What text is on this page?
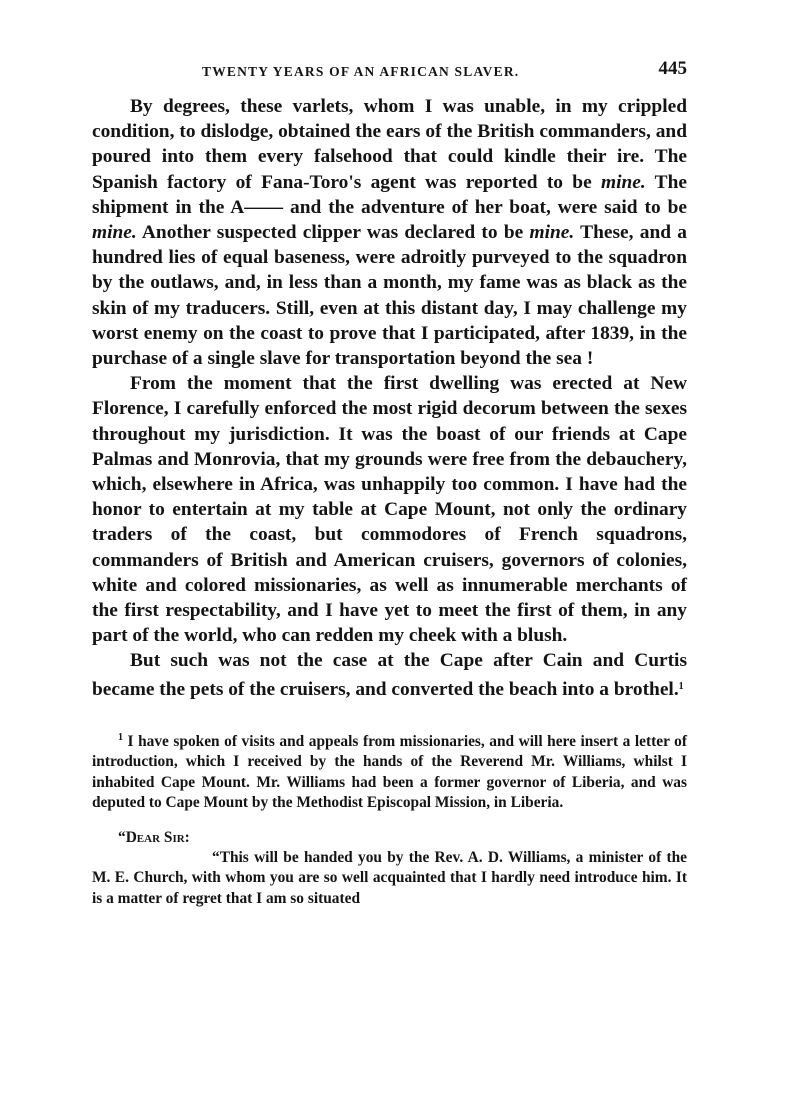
TWENTY YEARS OF AN AFRICAN SLAVER.	445

By degrees, these varlets, whom I was unable, in my crippled condition, to dislodge, obtained the ears of the British commanders, and poured into them every falsehood that could kindle their ire. The Spanish factory of Fana-Toro's agent was reported to be mine. The shipment in the A—— and the adventure of her boat, were said to be mine. Another suspected clipper was declared to be mine. These, and a hundred lies of equal baseness, were adroitly purveyed to the squadron by the outlaws, and, in less than a month, my fame was as black as the skin of my traducers. Still, even at this distant day, I may challenge my worst enemy on the coast to prove that I participated, after 1839, in the purchase of a single slave for transportation beyond the sea !

From the moment that the first dwelling was erected at New Florence, I carefully enforced the most rigid decorum between the sexes throughout my jurisdiction. It was the boast of our friends at Cape Palmas and Monrovia, that my grounds were free from the debauchery, which, elsewhere in Africa, was unhappily too common. I have had the honor to entertain at my table at Cape Mount, not only the ordinary traders of the coast, but commodores of French squadrons, commanders of British and American cruisers, governors of colonies, white and colored missionaries, as well as innumerable merchants of the first respectability, and I have yet to meet the first of them, in any part of the world, who can redden my cheek with a blush.

But such was not the case at the Cape after Cain and Curtis became the pets of the cruisers, and converted the beach into a brothel.$^1$

$^1$ I have spoken of visits and appeals from missionaries, and will here insert a letter of introduction, which I received by the hands of the Reverend Mr. Williams, whilst I inhabited Cape Mount. Mr. Williams had been a former governor of Liberia, and was deputed to Cape Mount by the Methodist Episcopal Mission, in Liberia.

“Dear Sir:

“This will be handed you by the Rev. A. D. Williams, a minister of the M. E. Church, with whom you are so well acquainted that I hardly need introduce him. It is a matter of regret that I am so situated
